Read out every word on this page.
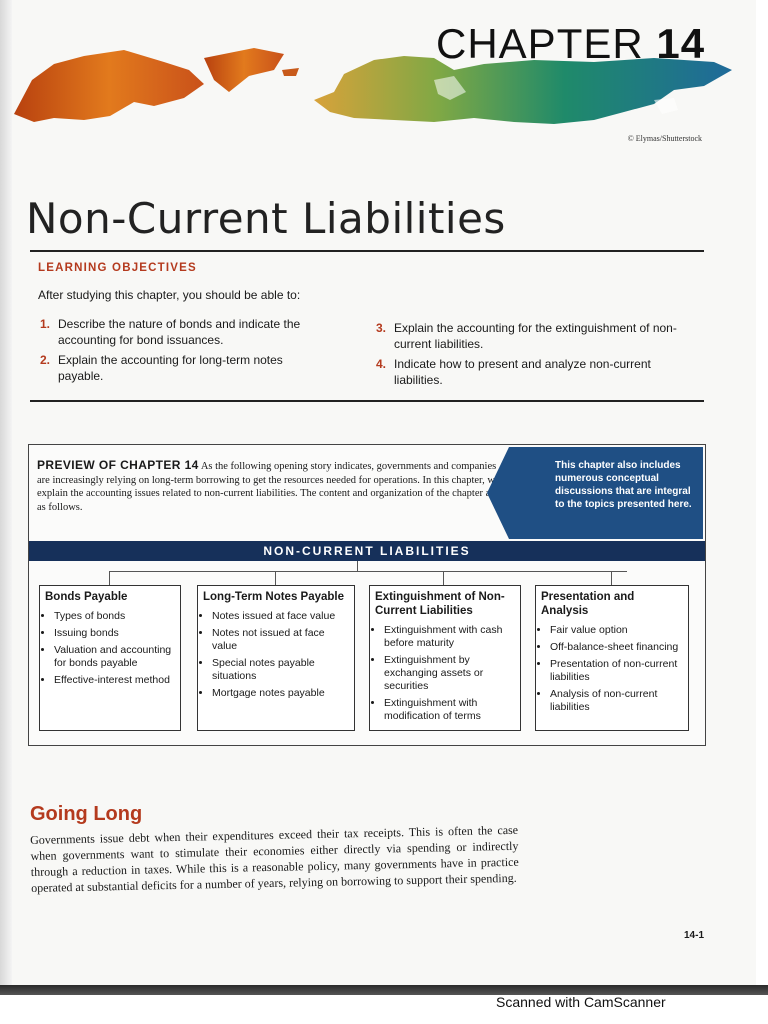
CHAPTER 14
© Elymas/Shutterstock
Non-Current Liabilities
LEARNING OBJECTIVES
After studying this chapter, you should be able to:
1. Describe the nature of bonds and indicate the accounting for bond issuances.
2. Explain the accounting for long-term notes payable.
3. Explain the accounting for the extinguishment of non-current liabilities.
4. Indicate how to present and analyze non-current liabilities.
PREVIEW OF CHAPTER 14 As the following opening story indicates, governments and companies are increasingly relying on long-term borrowing to get the resources needed for operations. In this chapter, we explain the accounting issues related to non-current liabilities. The content and organization of the chapter are as follows.
This chapter also includes numerous conceptual discussions that are integral to the topics presented here.
NON-CURRENT LIABILITIES
Bonds Payable
• Types of bonds
• Issuing bonds
• Valuation and accounting for bonds payable
• Effective-interest method
Long-Term Notes Payable
• Notes issued at face value
• Notes not issued at face value
• Special notes payable situations
• Mortgage notes payable
Extinguishment of Non-Current Liabilities
• Extinguishment with cash before maturity
• Extinguishment by exchanging assets or securities
• Extinguishment with modification of terms
Presentation and Analysis
• Fair value option
• Off-balance-sheet financing
• Presentation of non-current liabilities
• Analysis of non-current liabilities
Going Long

Governments issue debt when their expenditures exceed their tax receipts. This is often the case when governments want to stimulate their economies either directly via spending or indirectly through a reduction in taxes. While this is a reasonable policy, many governments have in practice operated at substantial deficits for a number of years, relying on borrowing to support their spending.

14-1
Scanned with CamScanner
